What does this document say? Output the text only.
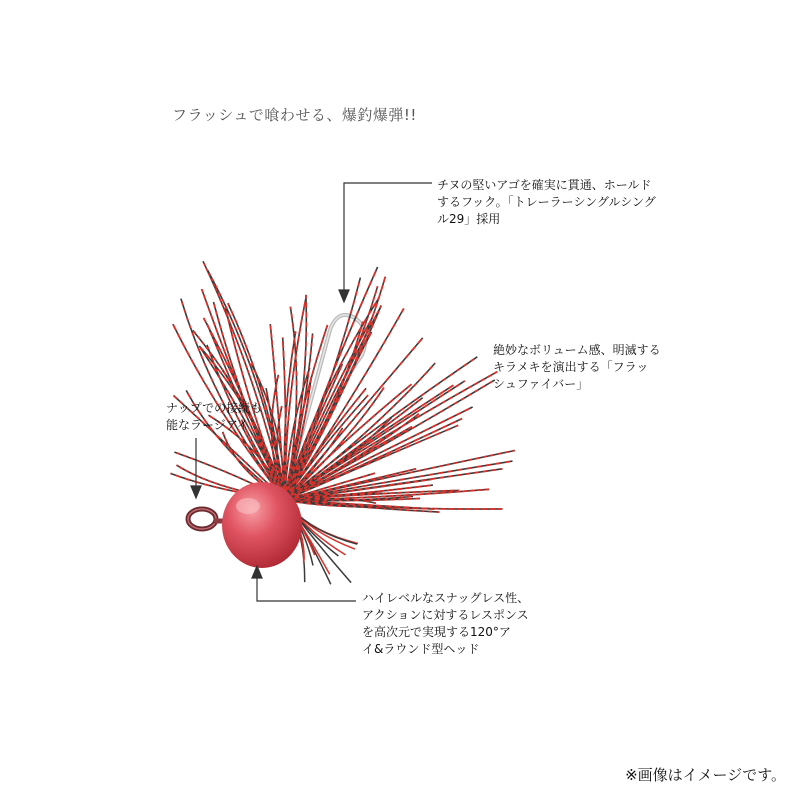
フラッシュで喰わせる、爆釣爆弾!!
チヌの堅いアゴを確実に貫通、ホールド
するフック。「トレーラーシングルシング
ル29」採用
絶妙なボリューム感、明滅する
キラメキを演出する「フラッ
シュファイバー」
ナップでの接続も
能なラージアイ
ハイレベルなスナッグレス性、
アクションに対するレスポンス
を高次元で実現する120°ア
イ&ラウンド型ヘッド
※画像はイメージです。
